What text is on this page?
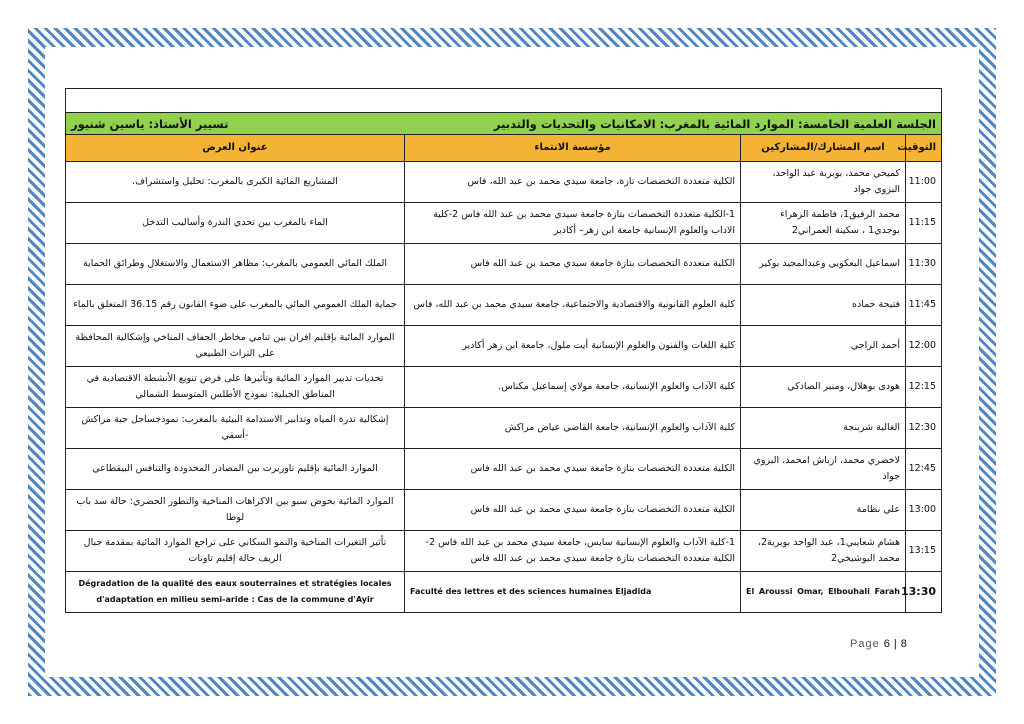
الجلسة العلمية الخامسة: الموارد المائية بالمغرب: الامكانيات والتحديات والتدبير
تسيير الأستاذ: ياسين شنيور			

التوقيت	اسم المشارك/المشاركين	مؤسسة الانتماء	عنوان العرض
11:00	كميحي محمد، بوبربة عبد الواحد، البزوي جواد	الكلية متعددة التخصصات تازة، جامعة سيدي محمد بن عبد الله، فاس	المشاريع المائية الكبرى بالمغرب: تحليل واستشراف.
11:15	محمد الرفيق1، فاطمة الزهراء بوجدي1 ، سكينة العمراني2	1-الكلية متعددة التخصصات بتازة جامعة سيدي محمد بن عبد الله فاس 2-كلية الاداب والعلوم الإنسانية جامعة ابن زهر– أكادير	الماء بالمغرب بين تحدي الندرة وأساليب التدخل
11:30	اسماعيل البعكوبي وعبدالمجيد بوكير	الكلية متعددة التخصصات بتازة جامعة سيدي محمد بن عبد الله فاس	الملك المائي العمومي بالمغرب: مظاهر الاستعمال والاستغلال وطرائق الحماية
11:45	فتيحة حماده	كلية العلوم القانونية والاقتصادية والاجتماعية، جامعة سيدي محمد بن عبد الله، فاس	حماية الملك العمومي المائي بالمغرب على ضوء القانون رقم 36.15 المتعلق بالماء
12:00	أحمد الراجي	كلية اللغات والفنون والعلوم الإنسانية أيت ملول، جامعة ابن زهر أكادير	الموارد المائية بإقليم افران بين تنامي مخاطر الجفاف المناخي وإشكالية المحافظة على التراث الطبيعي
12:15	هودى بوهلال، ومنير الصادكي	كلية الآداب والعلوم الإنسانية، جامعة مولاي إسماعيل مكناس.	تحديات تدبير الموارد المائية وتأثيرها على فرص تنويع الأنشطة الاقتصادية في المناطق الجبلية: نموذج الأطلس المتوسط الشمالي
12:30	الغالية شربنجة	كلية الآداب والعلوم الإنسانية، جامعة القاضي عياض مراكش	إشكالية ندرة المياه وتدابير الاستدامة البيئية بالمغرب: نموذجساحل جبة مراكش -أسفي
12:45	لاخضري محمد، ازباش امحمد، البزوي جواد	الكلية متعددة التخصصات بتازة جامعة سيدي محمد بن عبد الله فاس	الموارد المائية بإقليم تاوريرت بين المصادر المحدودة والتنافس البيقطاعي
13:00	علي نظامة	الكلية متعددة التخصصات بتازة جامعة سيدي محمد بن عبد الله فاس	الموارد المائية بحوض سبو بين الاكراهات المناخية والتطور الحضري: حالة سد باب لوطا
13:15	هشام شعايبي1، عبد الواحد بوبربة2، محمد البوشيخي2	1-كلية الآداب والعلوم الإنسانية سايس، جامعة سيدي محمد بن عبد الله فاس 2-الكلية متعددة التخصصات بتازة جامعة سيدي محمد بن عبد الله فاس	تأثير التغيرات المناخية والنمو السكاني على تراجع الموارد المائية بمقدمة جبال الريف حالة إقليم تاونات
13:30	El Aroussi Omar, Elbouhali Farah	Faculté des lettres et des sciences humaines Eljadida	Dégradation de la qualité des eaux souterraines et stratégies locales d'adaptation en milieu semi-aride : Cas de la commune d'Ayir
Page 6 | 8
